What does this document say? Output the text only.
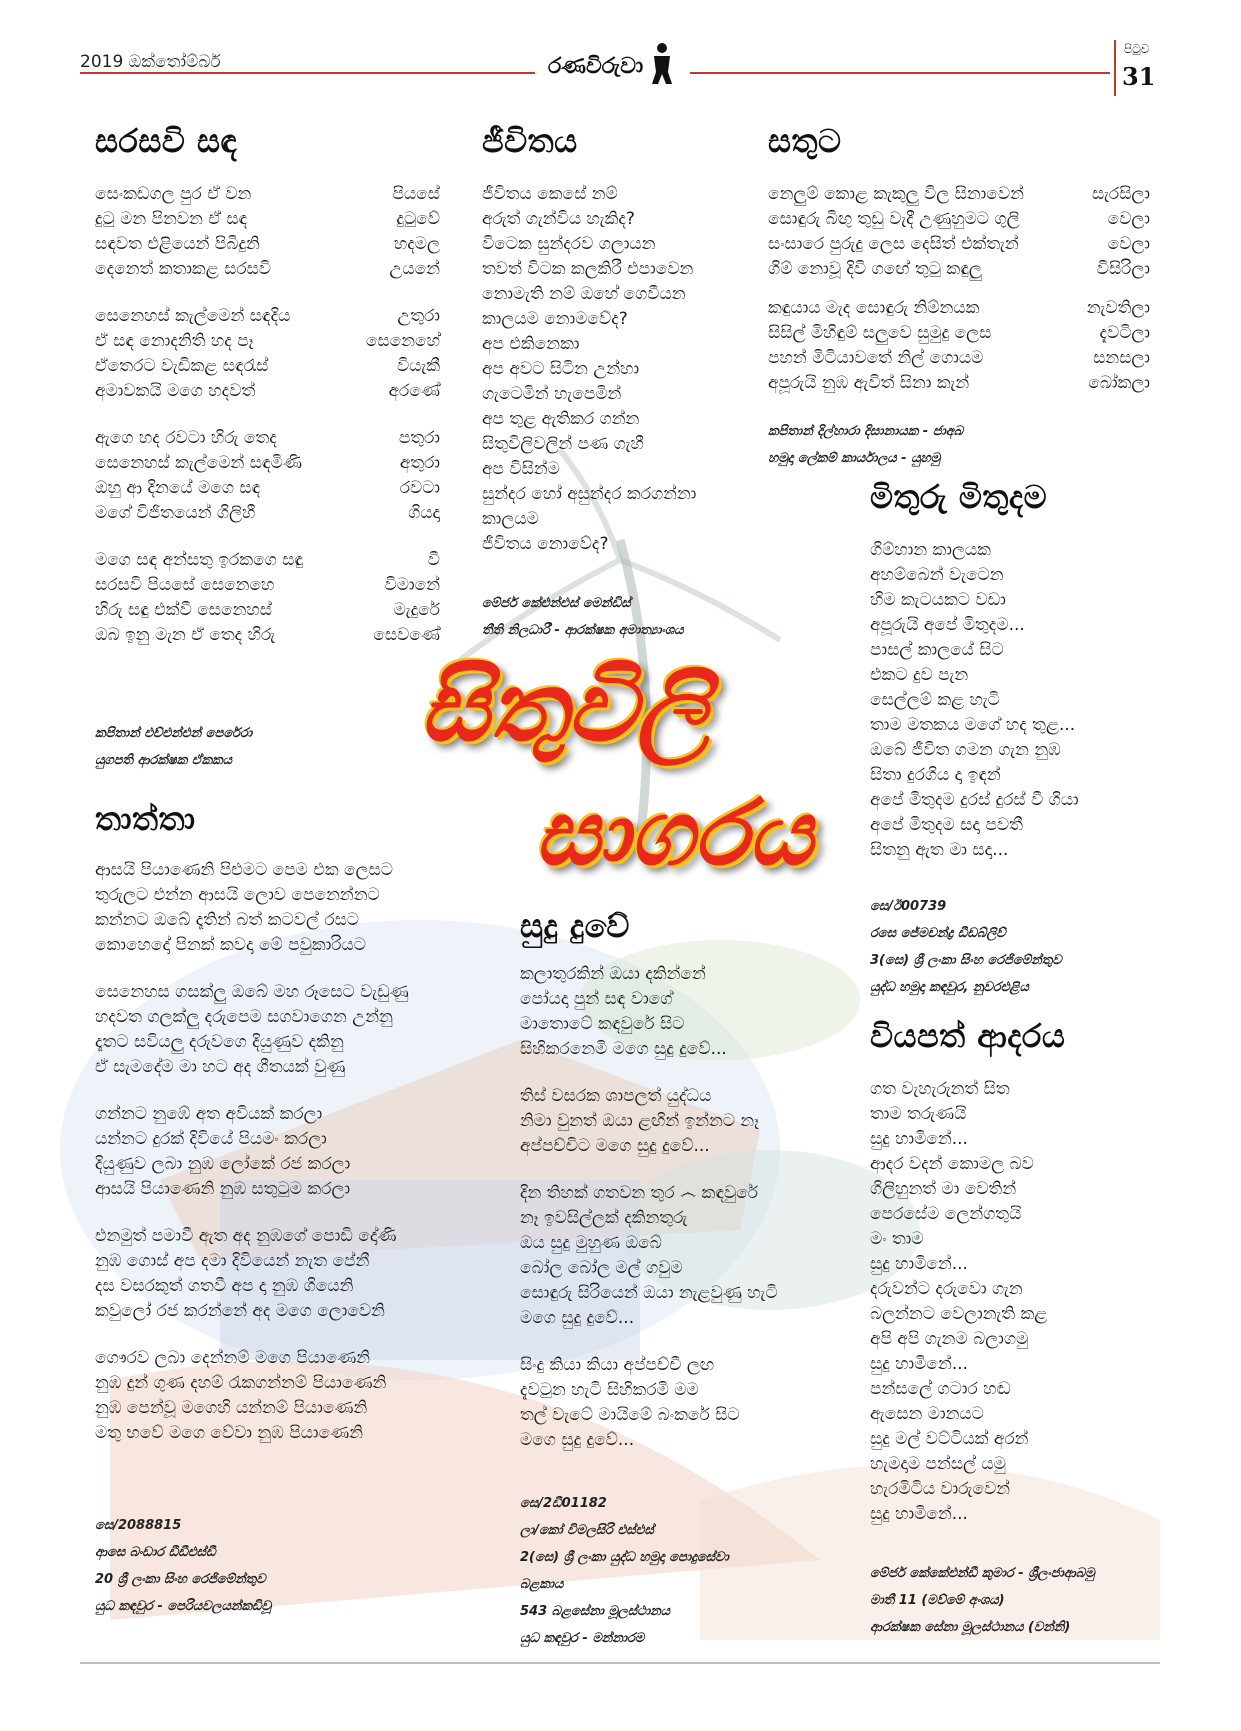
2019 ඔක්තෝම්බර්	රණවිරුවා
පිටුව
31
සිතුවිලි
සාගරය
සරසවි සඳ
සෙංකඩගල පුර ඒ වන	පියසේ
දුටු මන පිනවන ඒ සඳ	දුටුවේ
සඳවත එළියෙන් පිබිදුනි	හදමල
දෙනෙත් කතාකළ සරසවි	උයනේ
සෙනෙහස් කැල්මෙන් සඳදිය	උතුරා
ඒ සඳ නොදනිති හද පෑ	සෙනෙහේ
ඒතෙරට වැඩිකළ සඳරැස්	වියැකී
අමාවකයි මගෙ හදවත්	අරණේ
ඇගෙ හද රවටා හිරු තෙද	පතුරා
සෙනෙහස් කැල්මෙන් සඳමිණි	අතුරා
ඔහු ආ දිනයේ මගෙ සඳ	රවටා
මගේ විජිතයෙන් ගිලිහී	ගියදා
මගෙ සඳ අන්සතු ඉරකගෙ සඳු	වී
සරසවි පියසේ සෙනෙහෙ	විමානේ
හිරු සඳු එක්වී සෙනෙහස්	මැදුරේ
ඔබ ඉනු මැන ඒ තෙද හිරු	සෙවණේ
කපිතාන් එච්එන්එන් පෙරේරා
යුගපති ආරක්ෂක ඒකකය
තාත්තා
ආසයි පියාණෙනි පිළුමට පෙම එක ලෙසට
තුරුලට එන්න ආසයි ලොව පෙනෙන්නට
කන්නට ඔබේ දෑතින් බත් කටවල් රසට
කොහෙදෝ පිනක් කවදා මේ පවුකාරියට
සෙනෙහස ගසක්ලු ඔබේ මහ රූසෙට වැඩුණු
හදවත ගලක්ලු දරුපෙම සගවාගෙන උන්නු
දෑතට සවියලු දරුවගෙ දියුණුව දකිනු
ඒ සැමදේම මා හට අද ගීතයක් වුණු
ගන්නට නුඹේ අත අවියක් කරලා
යන්නට දුරක් දිවියේ පියමං කරලා
දියුණුව ලබා නුඹ ලෝකේ රජ කරලා
ආසයි පියාණෙනි නුඹ සතුටුම කරලා
එනමුත් පමාවී ඇත අද නුඹගේ පොඩි දෝණි
නුඹ ගොස් අප දමා දිවියෙන් නැත පේනී
දස වසරකුත් ගතවී අප දා නුඹ ගියෙනි
කවුලෝ රජ කරන්නේ අද මගෙ ලොවෙනි
ගෞරව ලබා දෙන්නම් මගෙ පියාණෙනි
නුඹ දුන් ගුණ දහම් රැකගන්නම් පියාණෙනි
නුඹ පෙන්වූ මගෙහි යන්නම් පියාණෙනි
මතු භවේ මගෙ වේවා නුඹ පියාණෙනි
සෙ/2088815
ආසෙ බංඩාර ඩීඩීඑස්ඩී
20 ශ්‍රී ලංකා සිංහ රෙජිමේන්තුව
යුධ කඳවුර - පෙරියවලයන්කඩිවූ
ජීවිතය
ජීවිතය කෙසේ නම්
අරුත් ගැන්විය හැකිද?
විටෙක සුන්දරව ගලායන
තවත් විටක කලකිරී එපාවෙන
නොමැති නම් ඔහේ ගෙවීයන
කාලයම නොමවේද?
අප එකිනෙකා
අප අවට සිටින උන්හා
ගැටෙමින් හැපෙමින්
අප තුළ ඇතිකර ගන්න
සිතුවිලිවලින් පණ ගැහී
අප විසින්ම
සුන්දර හෝ අසුන්දර කරගන්නා
කාලයම
ජීවිතය නොවේද?
මේජර් කේඑන්එස් මෙන්ඩිස්
තීති නිලධාරී - ආරක්ෂක අමාත්‍යාංශය
සතුට
නෙලුම් කොළ කැකුලු විල සිනාවෙන්	සැරසිලා
සොඳුරු බිඟු තුඩු වැදී උණුහුමට ගුලි	වෙලා
සංසාරෙ පුරුදු ලෙස දෙසිත් එක්තැන්	වෙලා
ගිම් නොවූ දිවි ගඟේ තුටු කඳුලු	විසිරිලා
කඳුයාය මැද සොඳුරු නිම්නයක	නැවතිලා
සිසිල් මිහිඳුම් සලුවෙ සුමුදු ලෙස	දැවටිලා
පහන් මිටියාවතේ නිල් ගොයම	සනසලා
අපූරුයි නුඹ ඇවිත් සිනා කැන්	බෝකලා
කපිතාන් දිල්හාරා දිසානායක - ජාඅබ
හමුදා ලේකම් කාර්යාලය - යුහමු
මිතුරු මිතුදම
ගිම්හාන කාලයක
අහම්බෙන් වැටෙන
හිම කැටයකට වඩා
අපූරුයි අපේ මිතුදම...
පාසල් කාලයේ සිට
එකට දුව පැන
සෙල්ලම් කළ හැටි
තාම මතකය මගේ හද තුළ...
ඔබේ ජීවිත ගමන ගැන නුඹ
සිතා දුරගිය දා ඉඳන්
අපේ මිතුදම දුරස් දුරස් වී ගියා
අපේ මිතුදම සදා පවතී
සිතනු ඇත මා සදා...
සෙ/ඊ00739
රසෙ ජේමචන්ද්‍ර ඩීඩබ්ලිව්
3(සෙ) ශ්‍රී ලංකා සිංහ රෙජිමේන්තුව
යුද්ධ හමුදා කඳවුර, නුවරඑළිය
සුදු දුවේ
කලාතුරකින් ඔයා දකින්නේ
පෝයදා පුන් සඳ වාගේ
මාතොටේ කඳවුරේ සිට
සිහිකරනෙමි මගෙ සුදු දුවේ...
තිස් වසරක ශාපලත් යුද්ධය
නිමා වුනත් ඔයා ළඟින් ඉන්නට නෑ
අප්පච්චිට මගෙ සුදු දුවේ...
දින තිහක් ගතවන තුර ෴ කඳවුරේ
නෑ ඉවසිල්ලක් දකිනතුරු
ඔය සුදු මුහුණ ඔබේ
බෝල බෝල මල් ගවුම
සොඳුරු සිරියෙන් ඔයා නැළවුණු හැටි
මගෙ සුදු දුවේ...
සිංදු කියා කියා අප්පච්චී ලඟ
දැවටුන හැටි සිහිකරමි මම
තල් වැටේ මායිමේ බංකරේ සිට
මගෙ සුදු දුවේ...
සෙ/2ඩී01182
ලා/කෝ විමලසිරි එස්එස්
2(සෙ) ශ්‍රී ලංකා යුද්ධ හමුදා පොදුසේවා
බළකාය
543 බළසේනා මූලස්ථානය
යුධ කඳවුර - මන්නාරම
වියපත් ආදරය
ගත වැහැරුනත් සිත
තාම තරුණයි
සුදු හාමිනේ...
ආදර වදන් කොමල බව
ගිලිහුනත් මා වෙතින්
පෙරසේම ලෙන්ගතුයි
මං තාම
සුදු හාමිනේ...
දරුවන්ට දරුවො ගැන
බලන්නට වෙලානැති කළ
අපි අපි ගැනම බලාගමු
සුදු හාමිනේ...
පන්සලේ ගටාර හඬ
ඇසෙන මානයට
සුදු මල් වට්ටියක් අරන්
හැමදාම පන්සල් යමු
හැරමිටිය වාරුවෙන්
සුදු හාමිනේ...
මේජර් කේකේඑන්ඩී කුමාර - ශ්‍රීලංජාආබමු
මාතී 11 (මව්මේ අංශය)
ආරක්ෂක සේනා මූලස්ථානය (වන්නි)
